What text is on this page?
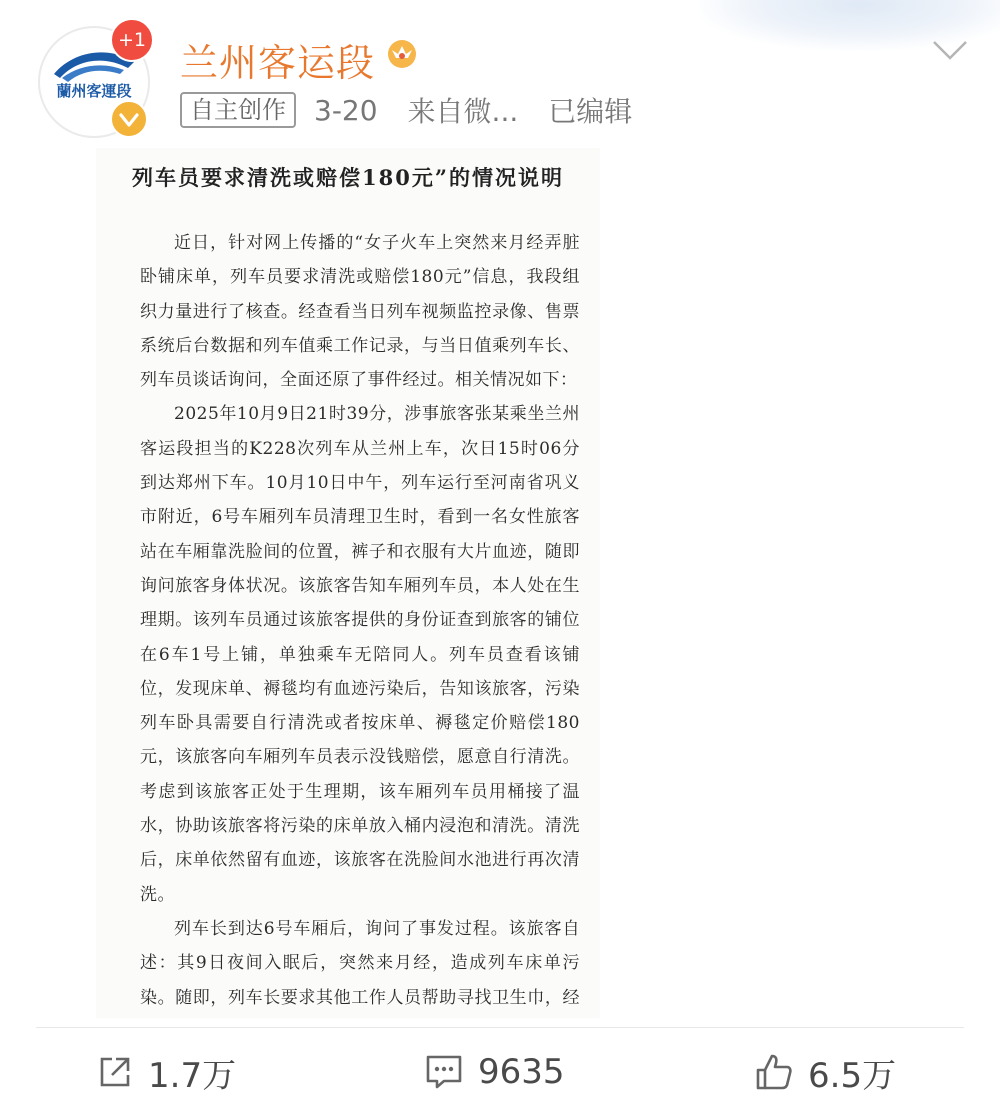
蘭州客運段
+1
兰州客运段
自主创作	3-20 来自微... 已编辑
列车员要求清洗或赔偿180元”的情况说明

近日，针对网上传播的“女子火车上突然来月经弄脏卧铺床单，列车员要求清洗或赔偿180元”信息，我段组织力量进行了核查。经查看当日列车视频监控录像、售票系统后台数据和列车值乘工作记录，与当日值乘列车长、列车员谈话询问，全面还原了事件经过。相关情况如下：

2025年10月9日21时39分，涉事旅客张某乘坐兰州客运段担当的K228次列车从兰州上车，次日15时06分到达郑州下车。10月10日中午，列车运行至河南省巩义市附近，6号车厢列车员清理卫生时，看到一名女性旅客站在车厢靠洗脸间的位置，裤子和衣服有大片血迹，随即询问旅客身体状况。该旅客告知车厢列车员，本人处在生理期。该列车员通过该旅客提供的身份证查到旅客的铺位在6车1号上铺，单独乘车无陪同人。列车员查看该铺位，发现床单、褥毯均有血迹污染后，告知该旅客，污染列车卧具需要自行清洗或者按床单、褥毯定价赔偿180元，该旅客向车厢列车员表示没钱赔偿，愿意自行清洗。考虑到该旅客正处于生理期，该车厢列车员用桶接了温水，协助该旅客将污染的床单放入桶内浸泡和清洗。清洗后，床单依然留有血迹，该旅客在洗脸间水池进行再次清洗。

列车长到达6号车厢后，询问了事发过程。该旅客自述：其9日夜间入眠后，突然来月经，造成列车床单污染。随即，列车长要求其他工作人员帮助寻找卫生巾，经

1.7万	9635	6.5万
